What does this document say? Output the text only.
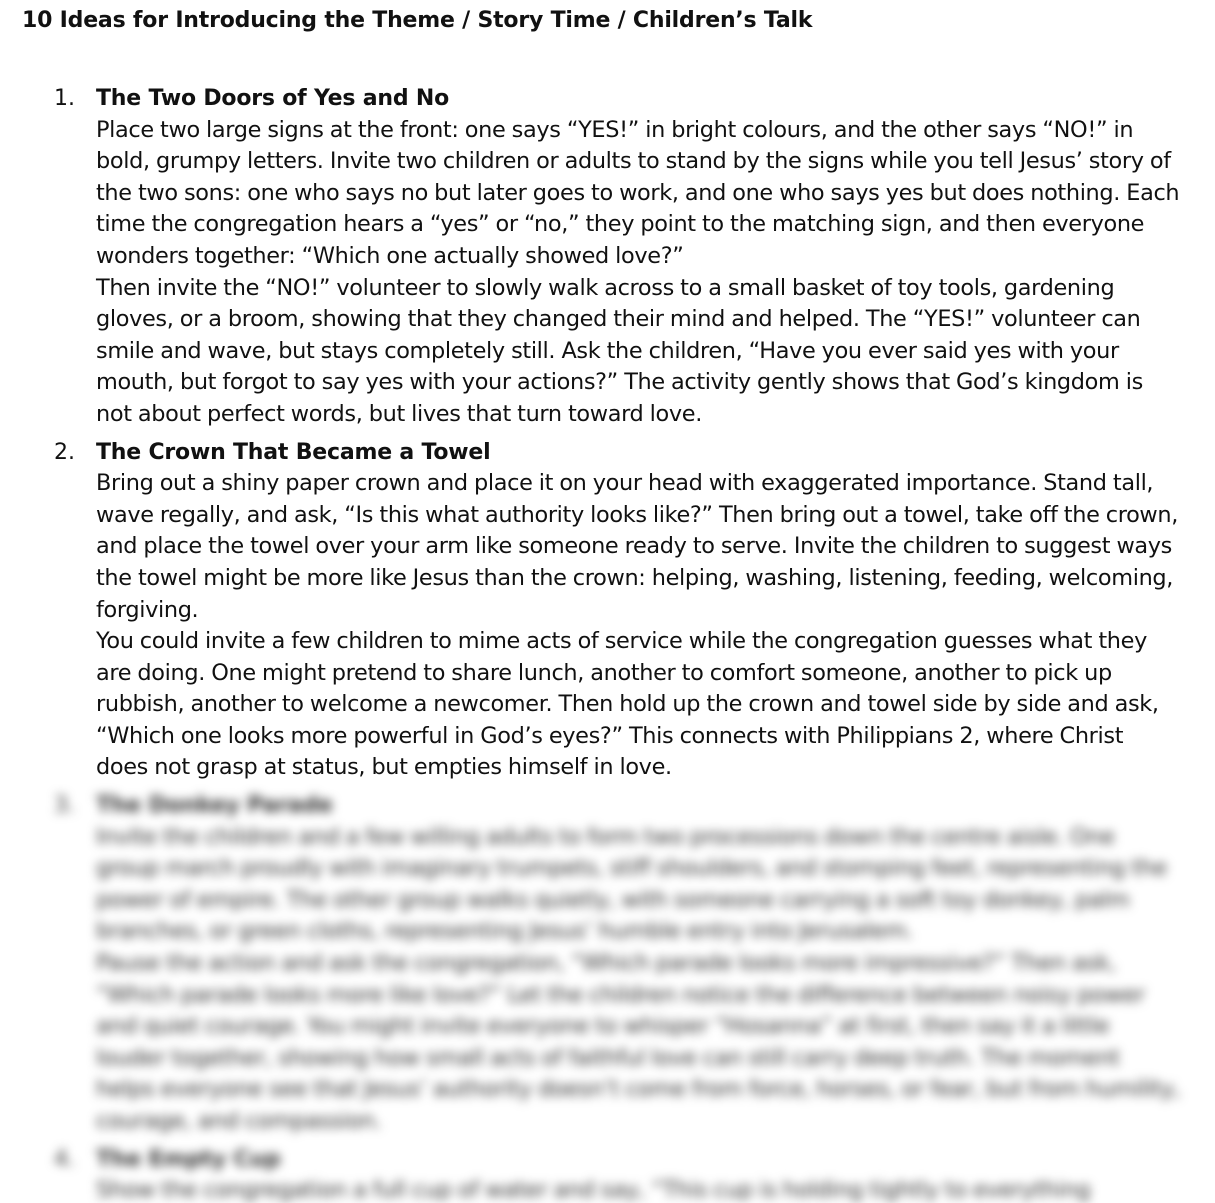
10 Ideas for Introducing the Theme / Story Time / Children’s Talk
1. The Two Doors of Yes and No

Place two large signs at the front: one says “YES!” in bright colours, and the other says “NO!” in bold, grumpy letters. Invite two children or adults to stand by the signs while you tell Jesus’ story of the two sons: one who says no but later goes to work, and one who says yes but does nothing. Each time the congregation hears a “yes” or “no,” they point to the matching sign, and then everyone wonders together: “Which one actually showed love?”

Then invite the “NO!” volunteer to slowly walk across to a small basket of toy tools, gardening gloves, or a broom, showing that they changed their mind and helped. The “YES!” volunteer can smile and wave, but stays completely still. Ask the children, “Have you ever said yes with your mouth, but forgot to say yes with your actions?” The activity gently shows that God’s kingdom is not about perfect words, but lives that turn toward love.

2. The Crown That Became a Towel

Bring out a shiny paper crown and place it on your head with exaggerated importance. Stand tall, wave regally, and ask, “Is this what authority looks like?” Then bring out a towel, take off the crown, and place the towel over your arm like someone ready to serve. Invite the children to suggest ways the towel might be more like Jesus than the crown: helping, washing, listening, feeding, welcoming, forgiving.

You could invite a few children to mime acts of service while the congregation guesses what they are doing. One might pretend to share lunch, another to comfort someone, another to pick up rubbish, another to welcome a newcomer. Then hold up the crown and towel side by side and ask, “Which one looks more powerful in God’s eyes?” This connects with Philippians 2, where Christ does not grasp at status, but empties himself in love.

3. The Donkey Parade

Invite the children and a few willing adults to form two processions down the centre aisle. One group march proudly with imaginary trumpets, stiff shoulders, and stomping feet, representing the power of empire. The other group walks quietly, with someone carrying a soft toy donkey, palm branches, or green cloths, representing Jesus’ humble entry into Jerusalem.

Pause the action and ask the congregation, “Which parade looks more impressive?” Then ask, “Which parade looks more like love?” Let the children notice the difference between noisy power and quiet courage. You might invite everyone to whisper “Hosanna” at first, then say it a little louder together, showing how small acts of faithful love can still carry deep truth. The moment helps everyone see that Jesus’ authority doesn’t come from force, horses, or fear, but from humility, courage, and compassion.

4. The Empty Cup

Show the congregation a full cup of water and say, “This cup is holding tightly to everything
